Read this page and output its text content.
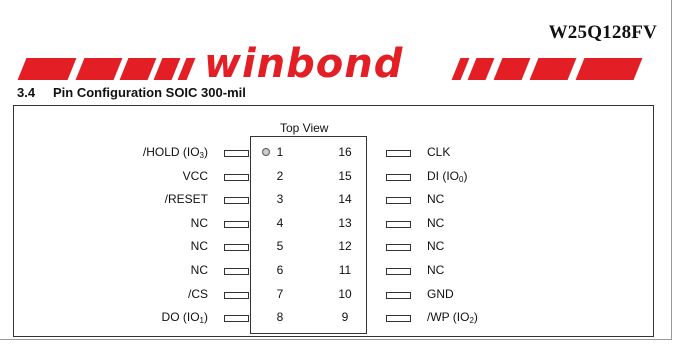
W25Q128FV
winbond
3.4 Pin Configuration SOIC 300-mil
Top View
/HOLD $(IO_3)$	1
VCC	2
/RESET	3
NC	4
NC	5
NC	6
/CS	7
DO $(IO_1)$	8
16	CLK
15	DI $(IO_0)$
14	NC
13	NC
12	NC
11	NC
10	GND
9	/WP $(IO_2)$
